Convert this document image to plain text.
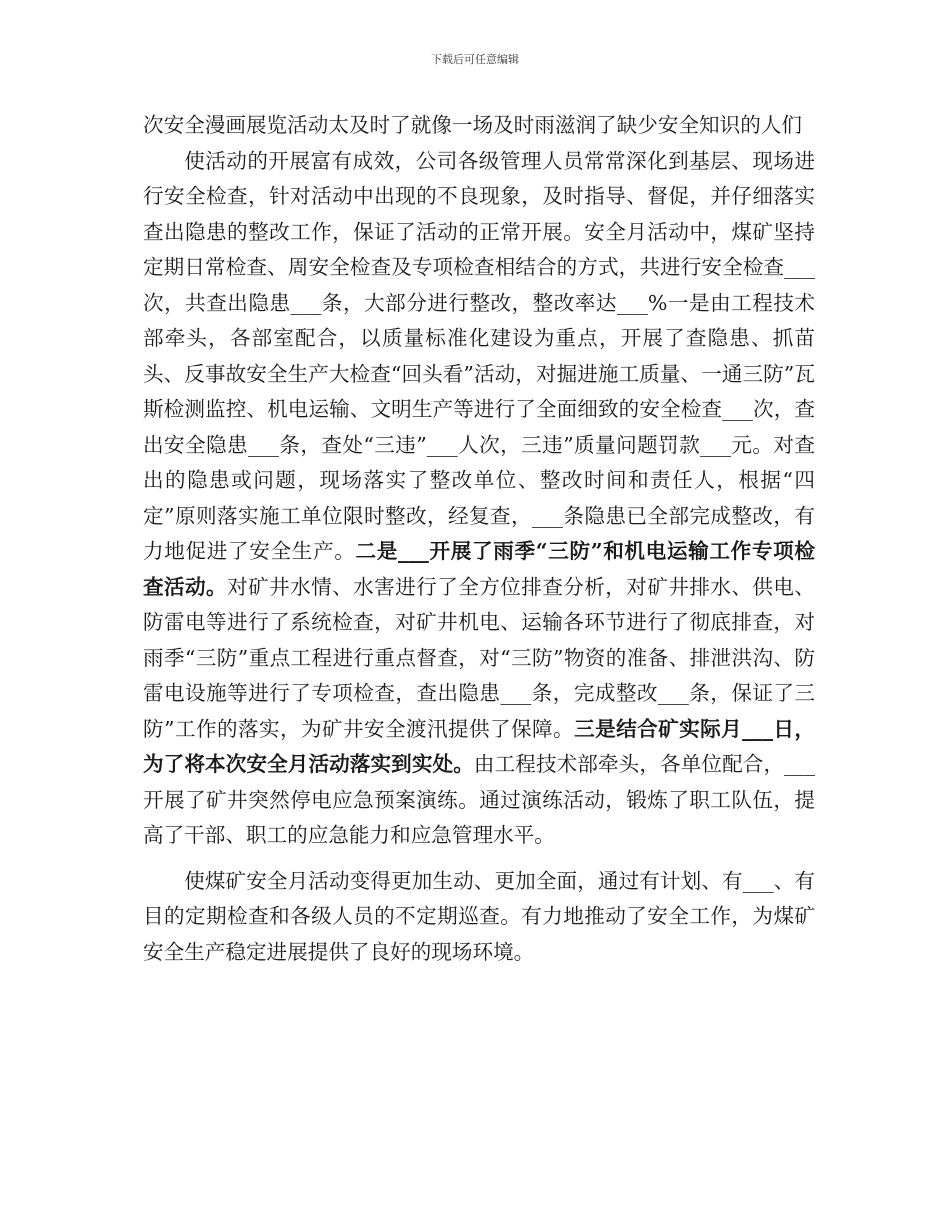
下载后可任意编辑

次安全漫画展览活动太及时了就像一场及时雨滋润了缺少安全知识的人们

使活动的开展富有成效，公司各级管理人员常常深化到基层、现场进行安全检查，针对活动中出现的不良现象，及时指导、督促，并仔细落实查出隐患的整改工作，保证了活动的正常开展。安全月活动中，煤矿坚持定期日常检查、周安全检查及专项检查相结合的方式，共进行安全检查___次，共查出隐患___条，大部分进行整改，整改率达___%一是由工程技术部牵头，各部室配合，以质量标准化建设为重点，开展了查隐患、抓苗头、反事故安全生产大检查“回头看”活动，对掘进施工质量、一通三防”瓦斯检测监控、机电运输、文明生产等进行了全面细致的安全检查___次，查出安全隐患___条，查处“三违”___人次，三违”质量问题罚款___元。对查出的隐患或问题，现场落实了整改单位、整改时间和责任人，根据“四定”原则落实施工单位限时整改，经复查，___条隐患已全部完成整改，有力地促进了安全生产。二是___开展了雨季“三防”和机电运输工作专项检查活动。对矿井水情、水害进行了全方位排查分析，对矿井排水、供电、防雷电等进行了系统检查，对矿井机电、运输各环节进行了彻底排查，对雨季“三防”重点工程进行重点督查，对“三防”物资的准备、排泄洪沟、防雷电设施等进行了专项检查，查出隐患___条，完成整改___条，保证了三防”工作的落实，为矿井安全渡汛提供了保障。三是结合矿实际月___日，为了将本次安全月活动落实到实处。由工程技术部牵头，各单位配合，___开展了矿井突然停电应急预案演练。通过演练活动，锻炼了职工队伍，提高了干部、职工的应急能力和应急管理水平。

使煤矿安全月活动变得更加生动、更加全面，通过有计划、有___、有目的定期检查和各级人员的不定期巡查。有力地推动了安全工作，为煤矿安全生产稳定进展提供了良好的现场环境。
